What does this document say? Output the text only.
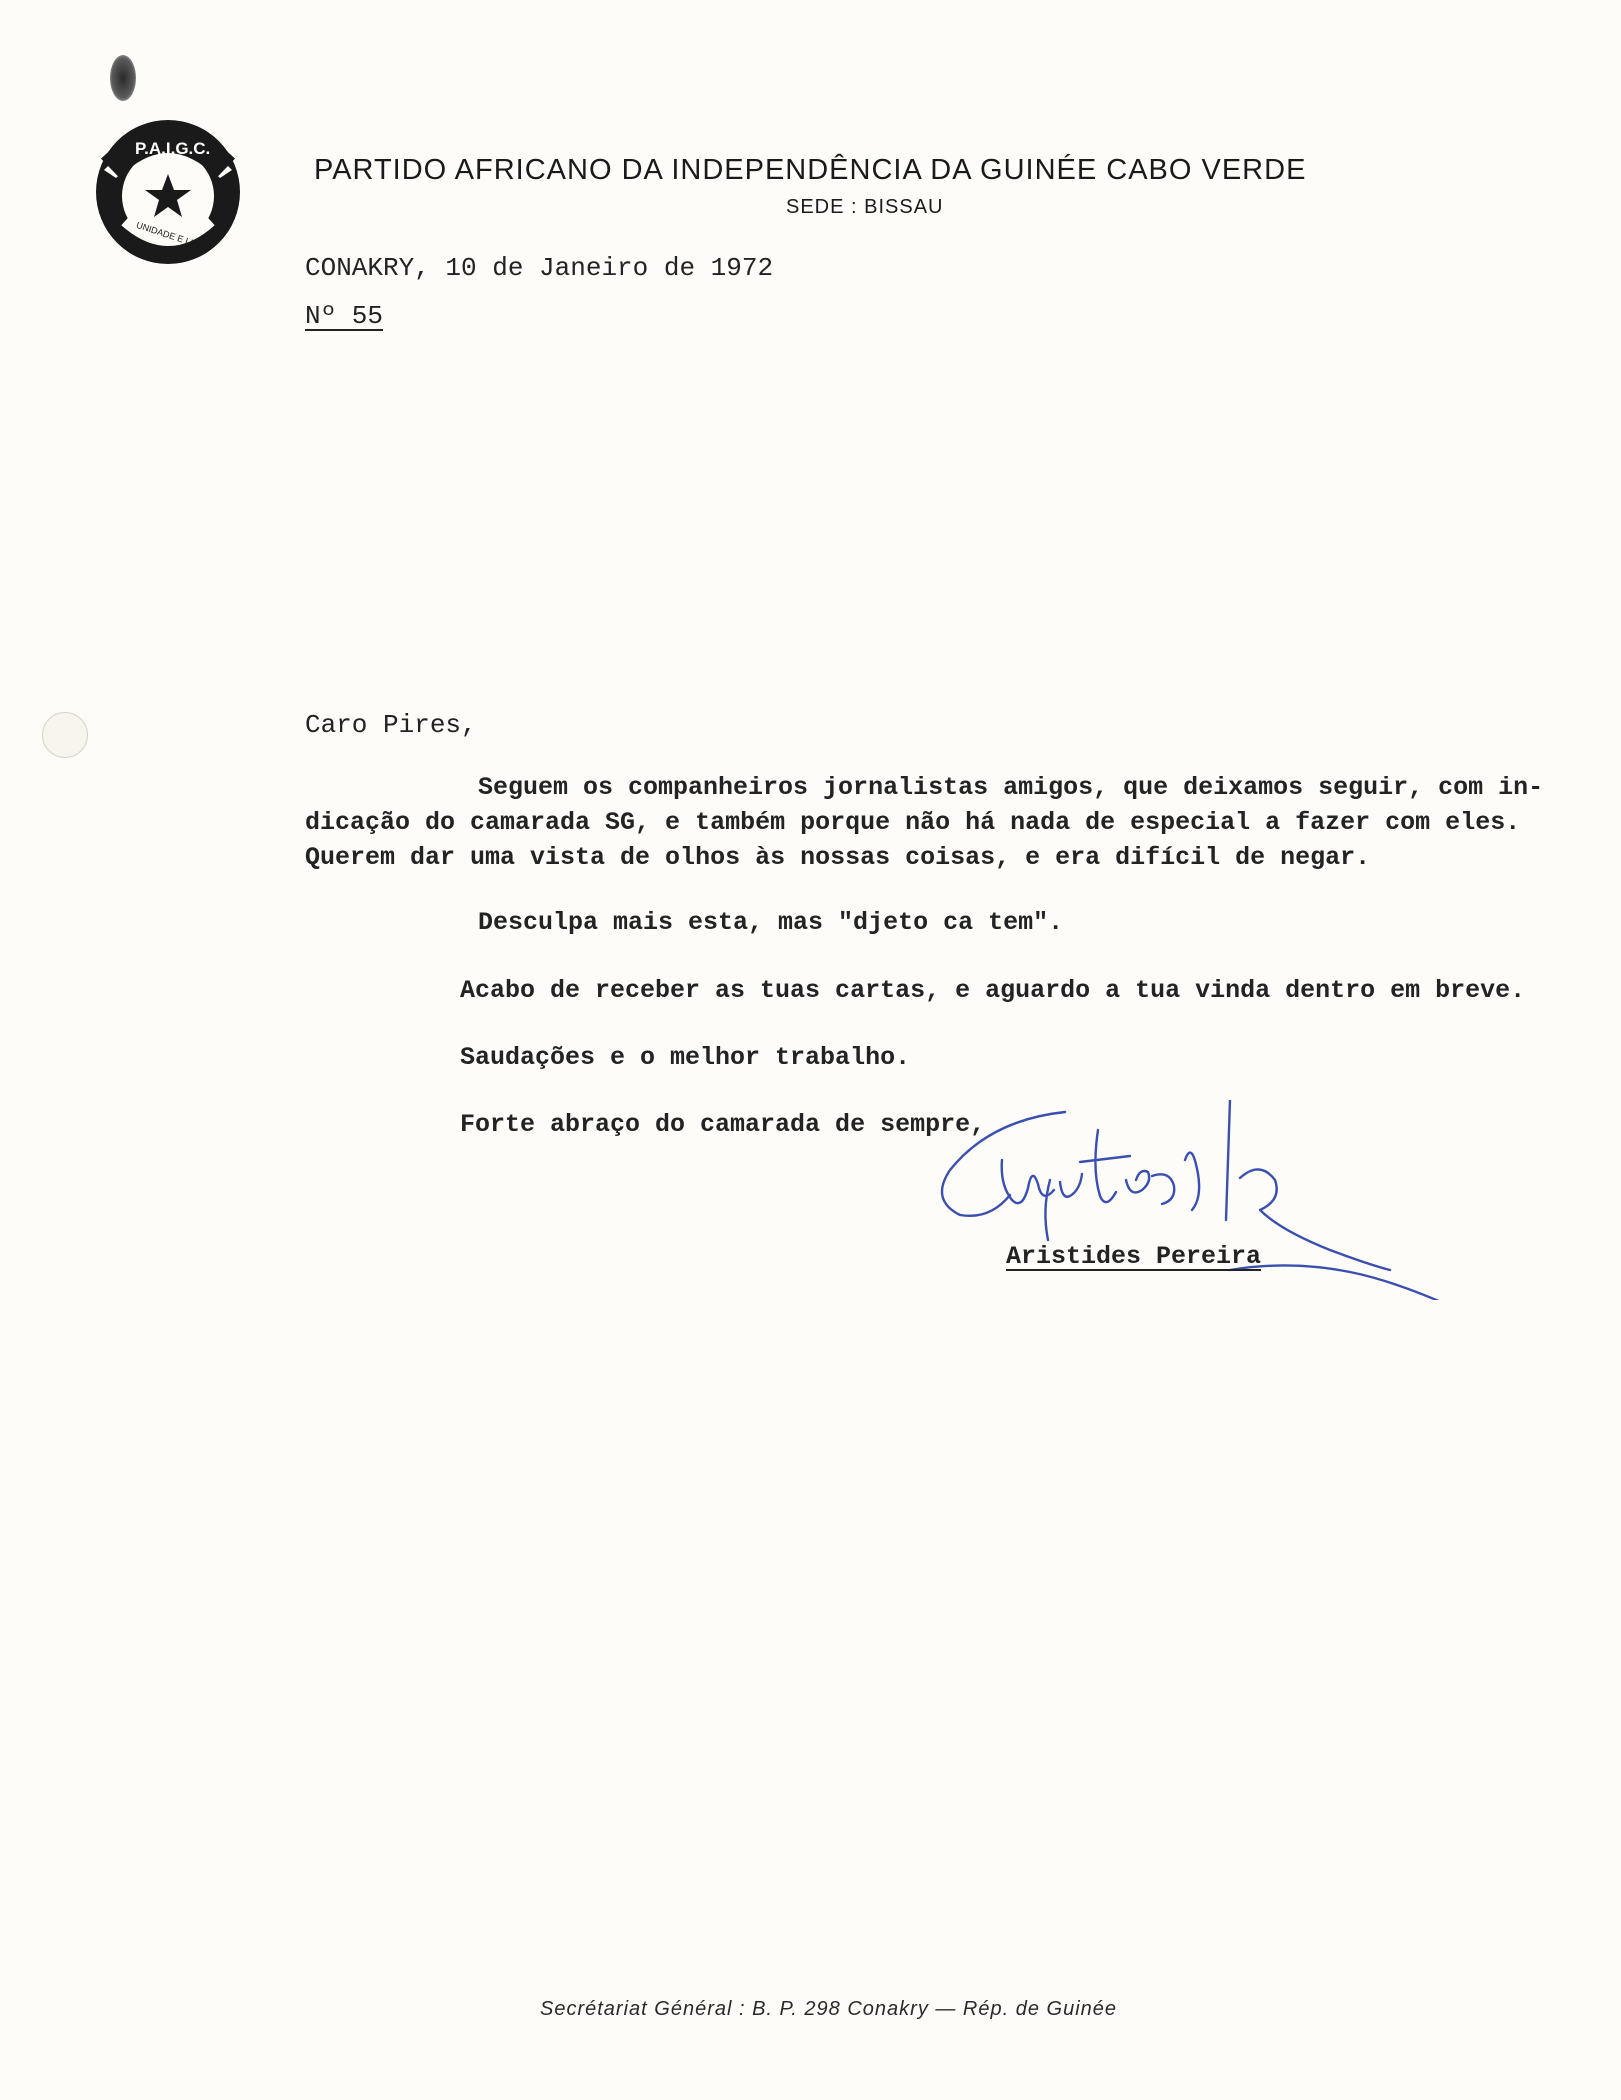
P.A.I.G.C.
UNIDADE E LUTA
PARTIDO AFRICANO DA INDEPENDÊNCIA DA GUINÉE CABO VERDE
SEDE : BISSAU
CONAKRY, 10 de Janeiro de 1972
Nº 55
Caro Pires,
Seguem os companheiros jornalistas amigos, que deixamos seguir, com in-
dicação do camarada SG, e também porque não há nada de especial a fazer com eles.
Querem dar uma vista de olhos às nossas coisas, e era difícil de negar.
Desculpa mais esta, mas "djeto ca tem".
Acabo de receber as tuas cartas, e aguardo a tua vinda dentro em breve.
Saudações e o melhor trabalho.
Forte abraço do camarada de sempre,
Aristides Pereira
Secrétariat Général : B. P. 298 Conakry — Rép. de Guinée
